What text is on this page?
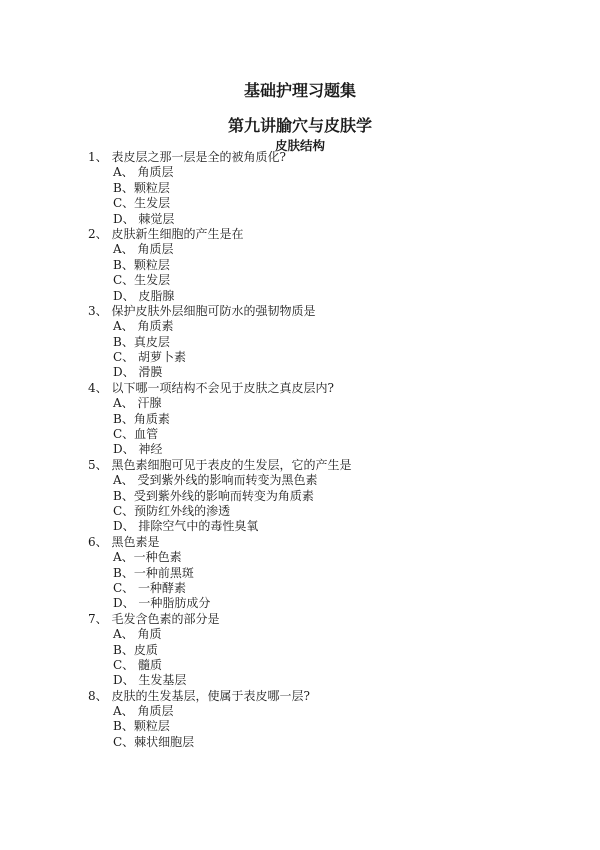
基础护理习题集
第九讲腧穴与皮肤学
皮肤结构
1、 表皮层之那一层是全的被角质化?
A、 角质层
B、颗粒层
C、生发层
D、 棘觉层
2、 皮肤新生细胞的产生是在
A、 角质层
B、颗粒层
C、生发层
D、 皮脂腺
3、 保护皮肤外层细胞可防水的强韧物质是
A、 角质素
B、真皮层
C、 胡萝卜素
D、 滑膜
4、 以下哪一项结构不会见于皮肤之真皮层内?
A、 汗腺
B、角质素
C、血管
D、 神经
5、 黑色素细胞可见于表皮的生发层，它的产生是
A、 受到紫外线的影响而转变为黑色素
B、受到紫外线的影响而转变为角质素
C、预防红外线的渗透
D、 排除空气中的毒性臭氧
6、 黑色素是
A、一种色素
B、一种前黑斑
C、 一种酵素
D、 一种脂肪成分
7、 毛发含色素的部分是
A、 角质
B、皮质
C、 髓质
D、 生发基层
8、 皮肤的生发基层，使属于表皮哪一层?
A、 角质层
B、颗粒层
C、棘状细胞层
